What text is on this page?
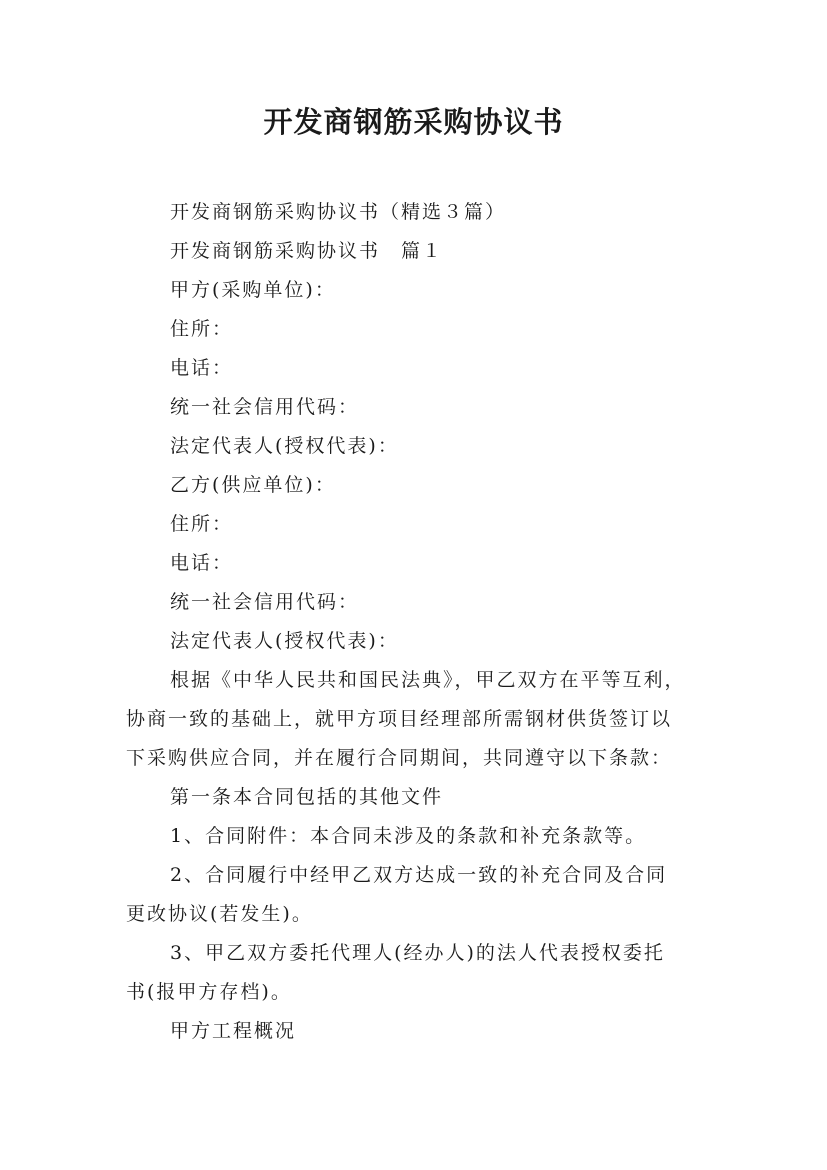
开发商钢筋采购协议书

开发商钢筋采购协议书（精选３篇）

开发商钢筋采购协议书　篇１

甲方(采购单位)：

住所：

电话：

统一社会信用代码：

法定代表人(授权代表)：

乙方(供应单位)：

住所：

电话：

统一社会信用代码：

法定代表人(授权代表)：

根据《中华人民共和国民法典》，甲乙双方在平等互利，

协商一致的基础上，就甲方项目经理部所需钢材供货签订以

下采购供应合同，并在履行合同期间，共同遵守以下条款：

第一条本合同包括的其他文件

1、合同附件：本合同未涉及的条款和补充条款等。

2、合同履行中经甲乙双方达成一致的补充合同及合同

更改协议(若发生)。

3、甲乙双方委托代理人(经办人)的法人代表授权委托

书(报甲方存档)。

甲方工程概况
